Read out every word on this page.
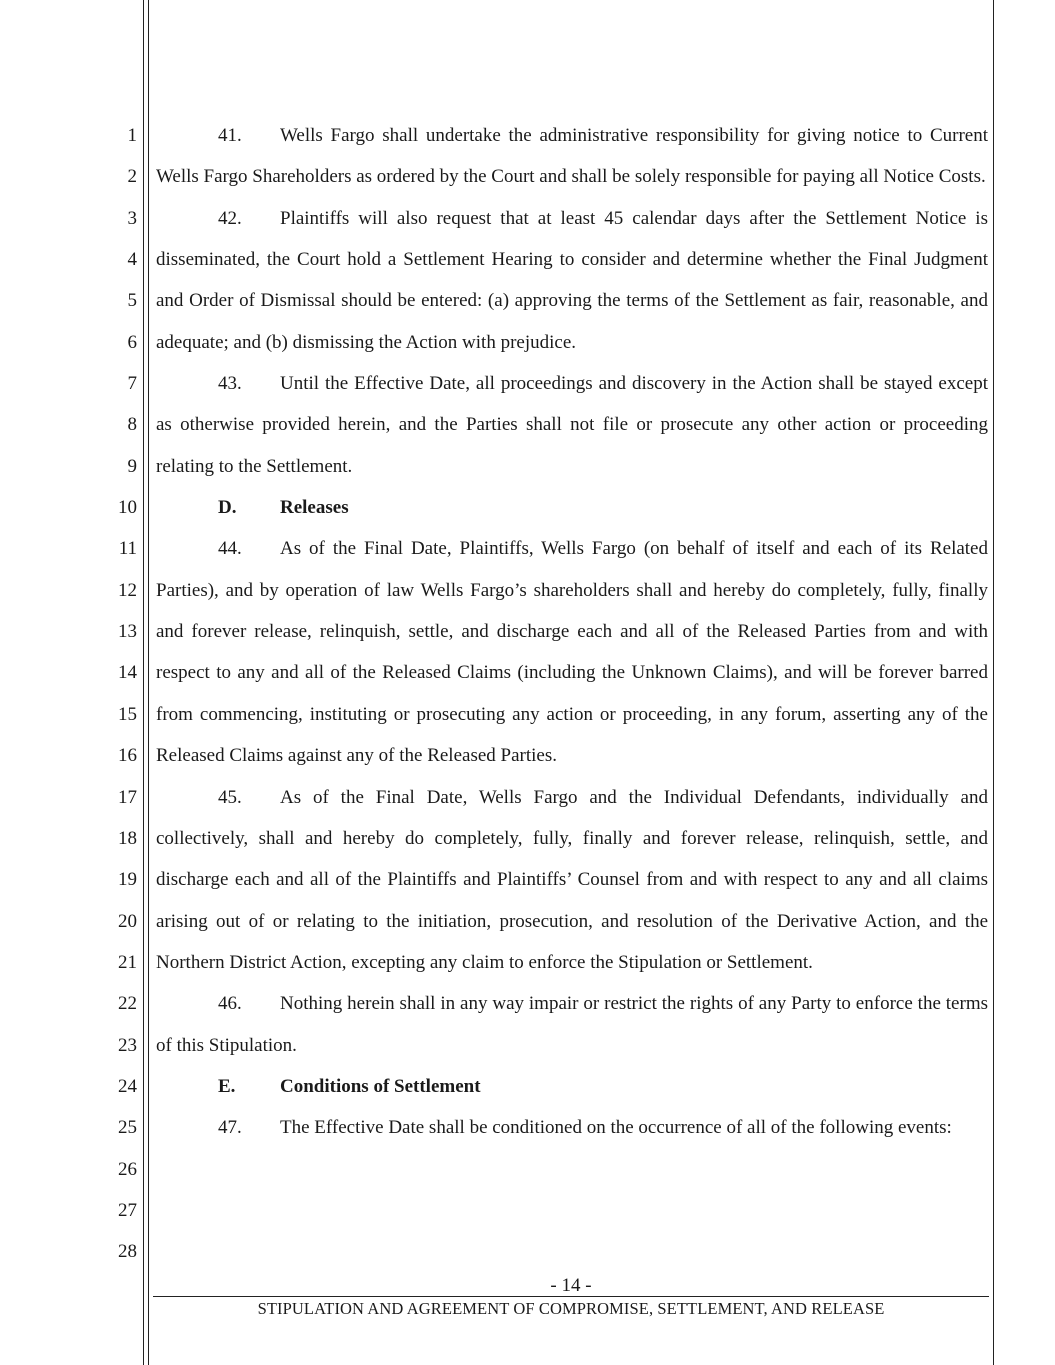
1
2
3
4
5
6
7
8
9
10
11
12
13
14
15
16
17
18
19
20
21
22
23
24
25
26
27
28

41. Wells Fargo shall undertake the administrative responsibility for giving notice to Current Wells Fargo Shareholders as ordered by the Court and shall be solely responsible for paying all Notice Costs.

42. Plaintiffs will also request that at least 45 calendar days after the Settlement Notice is disseminated, the Court hold a Settlement Hearing to consider and determine whether the Final Judgment and Order of Dismissal should be entered: (a) approving the terms of the Settlement as fair, reasonable, and adequate; and (b) dismissing the Action with prejudice.

43. Until the Effective Date, all proceedings and discovery in the Action shall be stayed except as otherwise provided herein, and the Parties shall not file or prosecute any other action or proceeding relating to the Settlement.

D. Releases

44. As of the Final Date, Plaintiffs, Wells Fargo (on behalf of itself and each of its Related Parties), and by operation of law Wells Fargo’s shareholders shall and hereby do completely, fully, finally and forever release, relinquish, settle, and discharge each and all of the Released Parties from and with respect to any and all of the Released Claims (including the Unknown Claims), and will be forever barred from commencing, instituting or prosecuting any action or proceeding, in any forum, asserting any of the Released Claims against any of the Released Parties.

45. As of the Final Date, Wells Fargo and the Individual Defendants, individually and collectively, shall and hereby do completely, fully, finally and forever release, relinquish, settle, and discharge each and all of the Plaintiffs and Plaintiffs’ Counsel from and with respect to any and all claims arising out of or relating to the initiation, prosecution, and resolution of the Derivative Action, and the Northern District Action, excepting any claim to enforce the Stipulation or Settlement.

46. Nothing herein shall in any way impair or restrict the rights of any Party to enforce the terms of this Stipulation.

E. Conditions of Settlement

47. The Effective Date shall be conditioned on the occurrence of all of the following events:

- 14 -
STIPULATION AND AGREEMENT OF COMPROMISE, SETTLEMENT, AND RELEASE
